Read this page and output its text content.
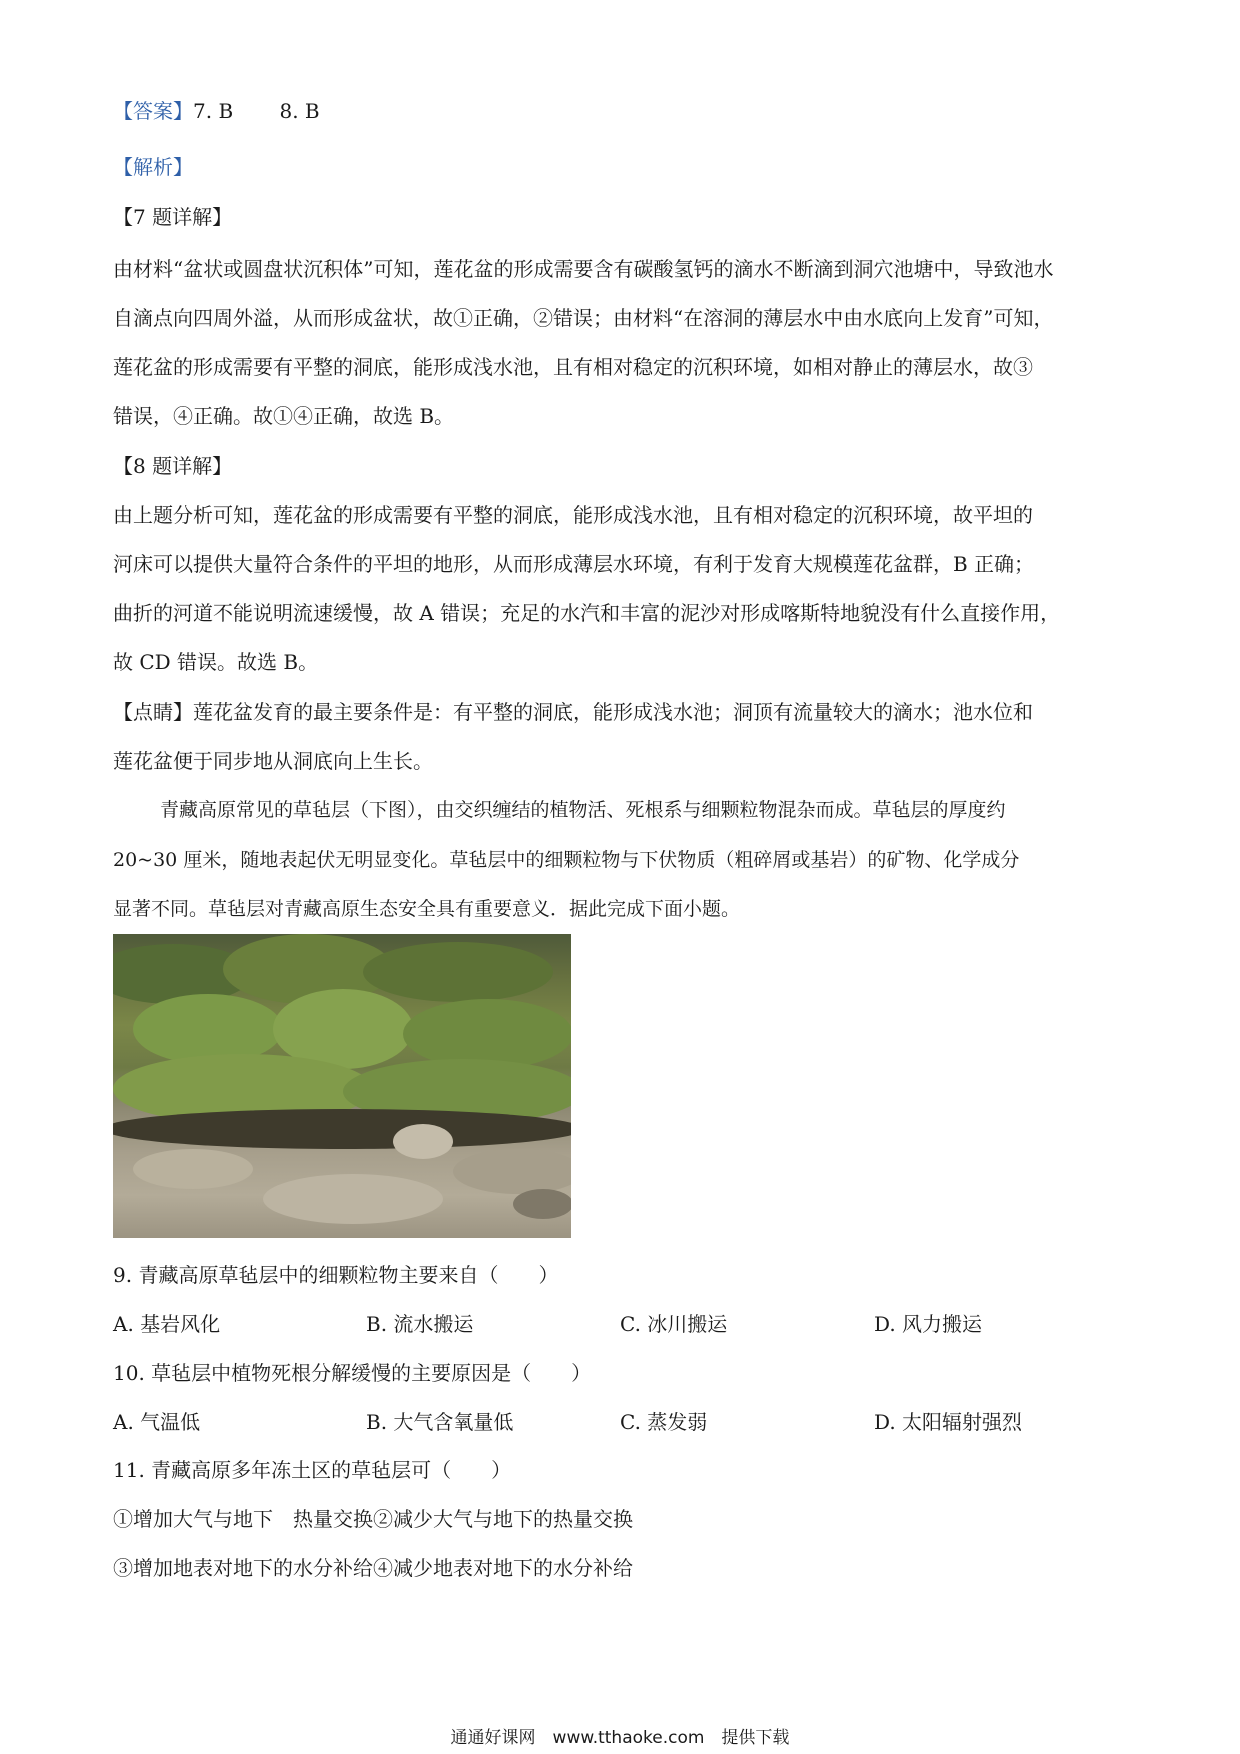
【答案】7. B　　 8. B
【解析】
【7 题详解】
由材料“盆状或圆盘状沉积体”可知，莲花盆的形成需要含有碳酸氢钙的滴水不断滴到洞穴池塘中，导致池水
自滴点向四周外溢，从而形成盆状，故①正确，②错误；由材料“在溶洞的薄层水中由水底向上发育”可知，
莲花盆的形成需要有平整的洞底，能形成浅水池，且有相对稳定的沉积环境，如相对静止的薄层水，故③
错误，④正确。故①④正确，故选 B。
【8 题详解】
由上题分析可知，莲花盆的形成需要有平整的洞底，能形成浅水池，且有相对稳定的沉积环境，故平坦的
河床可以提供大量符合条件的平坦的地形，从而形成薄层水环境，有利于发育大规模莲花盆群，B 正确；
曲折的河道不能说明流速缓慢，故 A 错误；充足的水汽和丰富的泥沙对形成喀斯特地貌没有什么直接作用，
故 CD 错误。故选 B。
【点睛】莲花盆发育的最主要条件是：有平整的洞底，能形成浅水池；洞顶有流量较大的滴水；池水位和
莲花盆便于同步地从洞底向上生长。
青藏高原常见的草毡层（下图），由交织缠结的植物活、死根系与细颗粒物混杂而成。草毡层的厚度约
20~30 厘米，随地表起伏无明显变化。草毡层中的细颗粒物与下伏物质（粗碎屑或基岩）的矿物、化学成分
显著不同。草毡层对青藏高原生态安全具有重要意义．据此完成下面小题。
9. 青藏高原草毡层中的细颗粒物主要来自（　　）
A. 基岩风化	B. 流水搬运	C. 冰川搬运	D. 风力搬运
10. 草毡层中植物死根分解缓慢的主要原因是（　　）
A. 气温低	B. 大气含氧量低	C. 蒸发弱	D. 太阳辐射强烈
11. 青藏高原多年冻土区的草毡层可（　　）
①增加大气与地下　热量交换②减少大气与地下的热量交换
③增加地表对地下的水分补给④减少地表对地下的水分补给
通通好课网　www.tthaoke.com　提供下载
